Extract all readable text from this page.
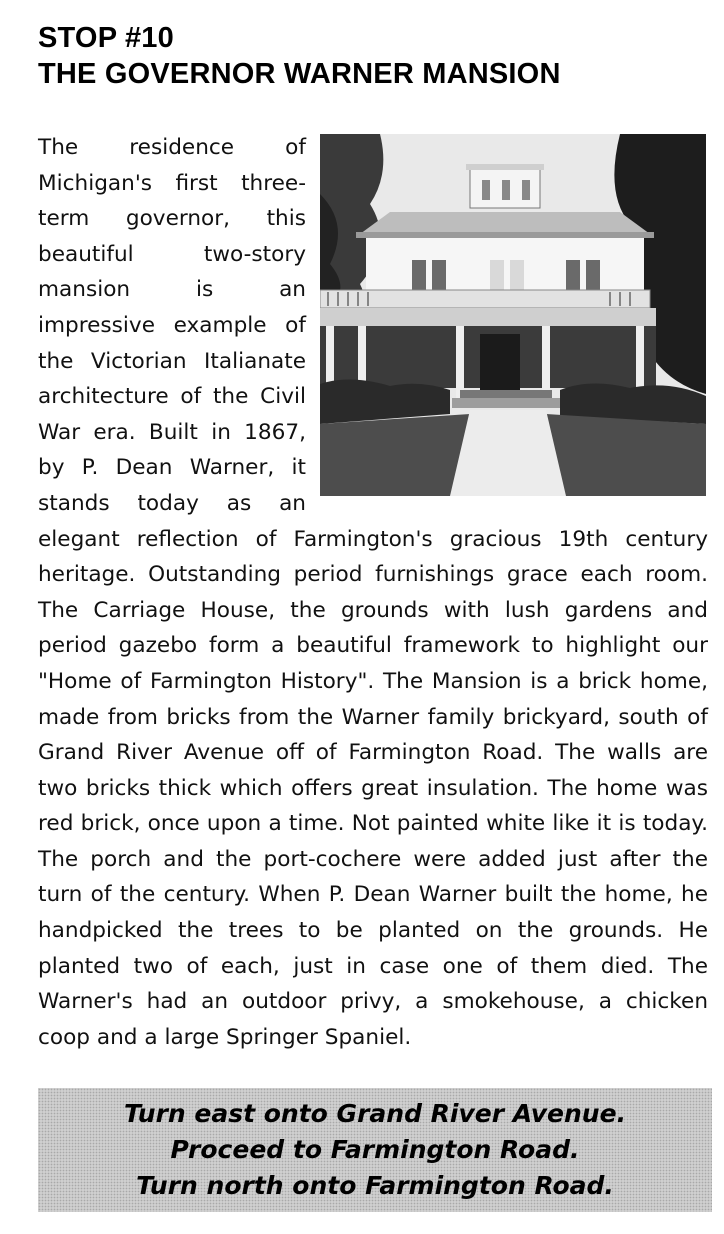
STOP #10
THE GOVERNOR WARNER MANSION

The residence of Michigan's first three-term governor, this beautiful two-story mansion is an impressive example of the Victorian Italianate architecture of the Civil War era. Built in 1867, by P. Dean Warner, it stands today as an elegant reflection of Farmington's gracious 19th century heritage. Outstanding period furnishings grace each room. The Carriage House, the grounds with lush gardens and period gazebo form a beautiful framework to highlight our "Home of Farmington History". The Mansion is a brick home, made from bricks from the Warner family brickyard, south of Grand River Avenue off of Farmington Road. The walls are two bricks thick which offers great insulation. The home was red brick, once upon a time. Not painted white like it is today. The porch and the port-cochere were added just after the turn of the century. When P. Dean Warner built the home, he handpicked the trees to be planted on the grounds. He planted two of each, just in case one of them died. The Warner's had an outdoor privy, a smokehouse, a chicken coop and a large Springer Spaniel.

Turn east onto Grand River Avenue.
Proceed to Farmington Road.
Turn north onto Farmington Road.
